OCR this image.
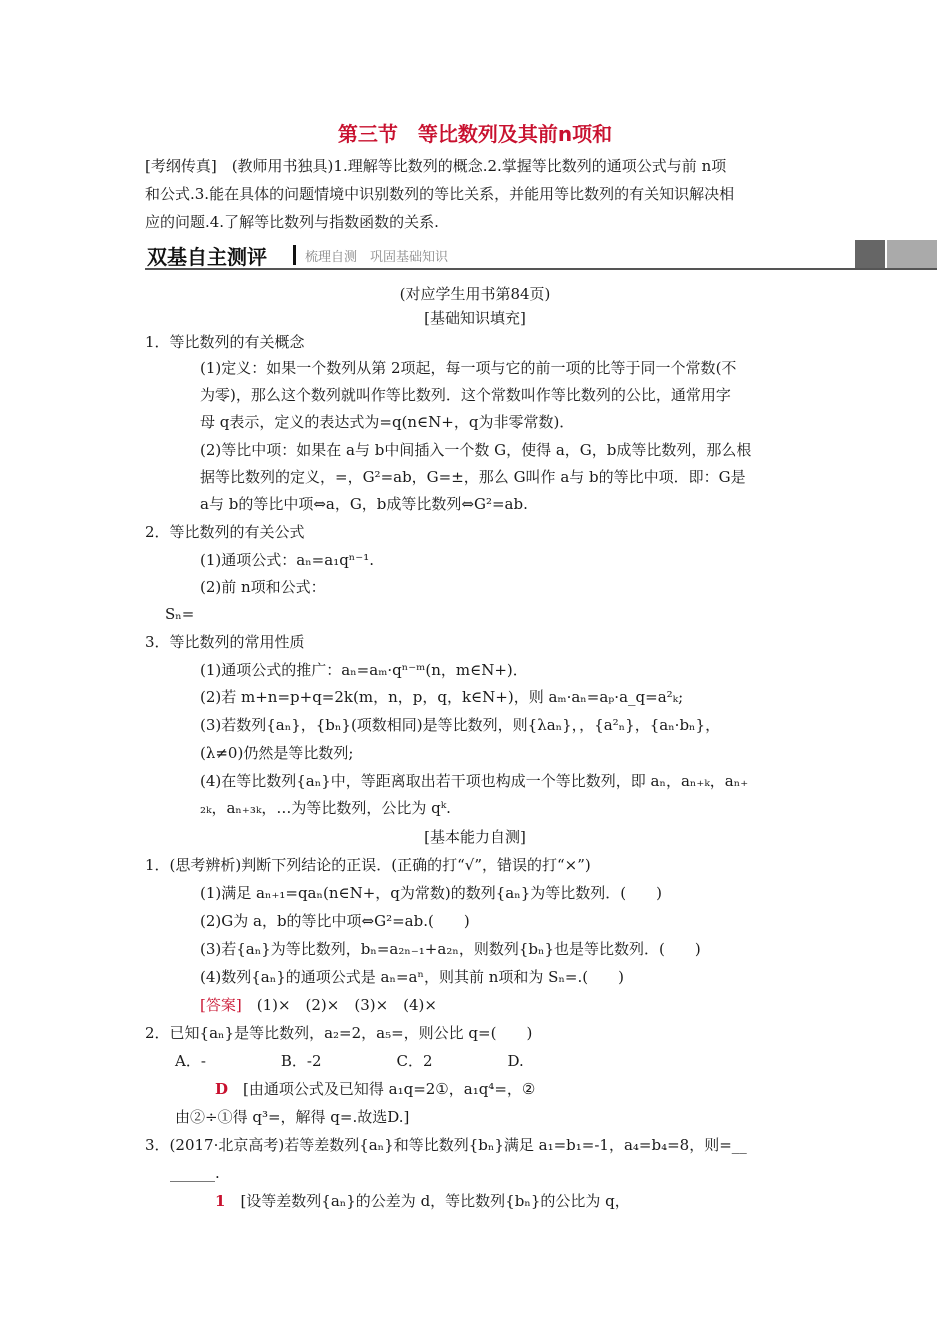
第三节　等比数列及其前n项和
[考纲传真]　(教师用书独具)1.理解等比数列的概念.2.掌握等比数列的通项公式与前 n项
和公式.3.能在具体的问题情境中识别数列的等比关系，并能用等比数列的有关知识解决相
应的问题.4.了解等比数列与指数函数的关系.
双基自主测评	梳理自测　巩固基础知识
(对应学生用书第84页)
[基础知识填充]
1．等比数列的有关概念
(1)定义：如果一个数列从第 2项起，每一项与它的前一项的比等于同一个常数(不
为零)，那么这个数列就叫作等比数列．这个常数叫作等比数列的公比，通常用字
母 q表示，定义的表达式为=q(n∈N+，q为非零常数)．
(2)等比中项：如果在 a与 b中间插入一个数 G，使得 a，G，b成等比数列，那么根
据等比数列的定义，=，G²=ab，G=±，那么 G叫作 a与 b的等比中项．即：G是
a与 b的等比中项⇔a，G，b成等比数列⇔G²=ab.
2．等比数列的有关公式
(1)通项公式：aₙ=a₁qⁿ⁻¹.
(2)前 n项和公式：
Sₙ=
3．等比数列的常用性质
(1)通项公式的推广：aₙ=aₘ·qⁿ⁻ᵐ(n，m∈N+)．
(2)若 m+n=p+q=2k(m，n，p，q，k∈N+)，则 aₘ·aₙ=aₚ·a_q=a²ₖ;
(3)若数列{aₙ}，{bₙ}(项数相同)是等比数列，则{λaₙ}，，{a²ₙ}，{aₙ·bₙ}，
(λ≠0)仍然是等比数列;
(4)在等比数列{aₙ}中，等距离取出若干项也构成一个等比数列，即 aₙ，aₙ₊ₖ，aₙ₊
₂ₖ，aₙ₊₃ₖ，…为等比数列，公比为 qᵏ.
[基本能力自测]
1．(思考辨析)判断下列结论的正误．(正确的打“√”，错误的打“×”)
(1)满足 aₙ₊₁=qaₙ(n∈N+，q为常数)的数列{aₙ}为等比数列．(　　)
(2)G为 a，b的等比中项⇔G²=ab.(　　)
(3)若{aₙ}为等比数列，bₙ=a₂ₙ₋₁+a₂ₙ，则数列{bₙ}也是等比数列．(　　)
(4)数列{aₙ}的通项公式是 aₙ=aⁿ，则其前 n项和为 Sₙ=.(　　)
[答案]　(1)×　(2)×　(3)×　(4)×
2．已知{aₙ}是等比数列，a₂=2，a₅=，则公比 q=(　　)
A．-　　　　　B．-2　　　　　C．2　　　　　D.
D　[由通项公式及已知得 a₁q=2①，a₁q⁴=，②
由②÷①得 q³=，解得 q=.故选D.]
3．(2017·北京高考)若等差数列{aₙ}和等比数列{bₙ}满足 a₁=b₁=-1，a₄=b₄=8，则=__
______.
1　[设等差数列{aₙ}的公差为 d，等比数列{bₙ}的公比为 q，
